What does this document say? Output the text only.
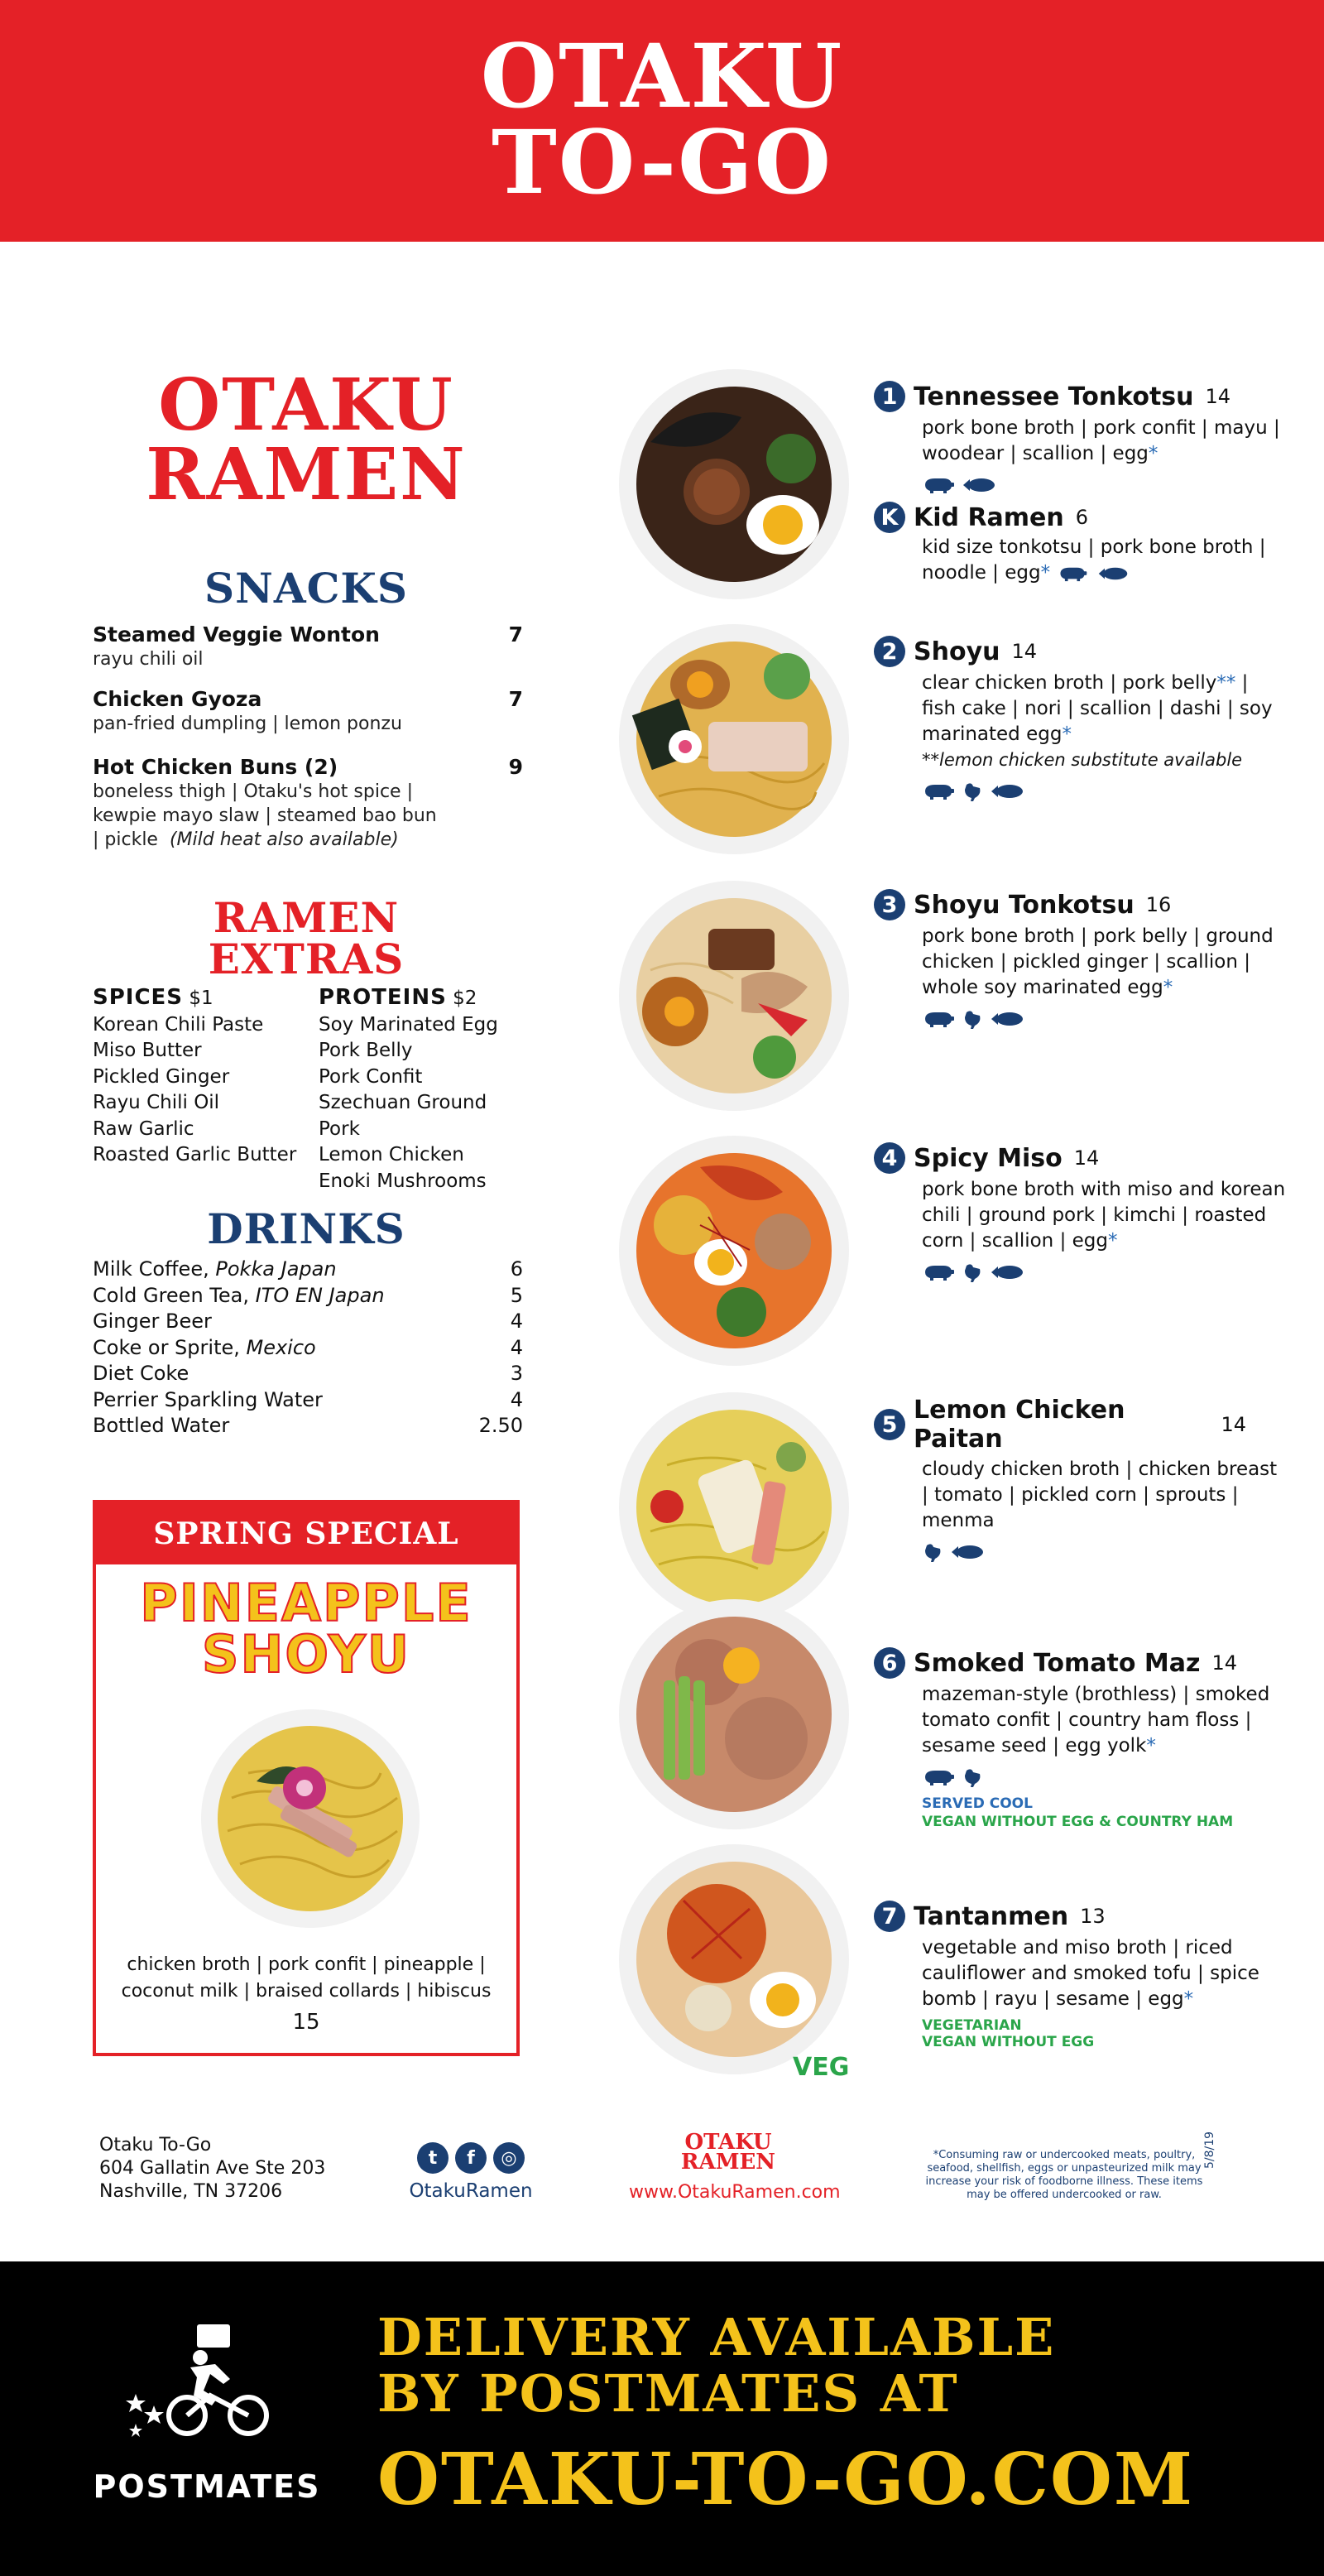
OTAKU
TO-GO
OTAKU
RAMEN
SNACKS
Steamed Veggie Wonton	7
rayu chili oil
Chicken Gyoza	7
pan-fried dumpling | lemon ponzu
Hot Chicken Buns (2)	9
boneless thigh | Otaku's hot spice | kewpie mayo slaw | steamed bao bun | pickle (Mild heat also available)
RAMEN
EXTRAS
SPICES $1
Korean Chili Paste
Miso Butter
Pickled Ginger
Rayu Chili Oil
Raw Garlic
Roasted Garlic Butter
PROTEINS $2
Soy Marinated Egg
Pork Belly
Pork Confit
Szechuan Ground Pork
Lemon Chicken
Enoki Mushrooms
DRINKS
Milk Coffee, Pokka Japan	6
Cold Green Tea, ITO EN Japan	5
Ginger Beer	4
Coke or Sprite, Mexico	4
Diet Coke	3
Perrier Sparkling Water	4
Bottled Water	2.50
SPRING SPECIAL
PINEAPPLE
SHOYU
chicken broth | pork confit | pineapple | coconut milk | braised collards | hibiscus
15
VEG
1 Tennessee Tonkotsu 14
pork bone broth | pork confit | mayu | woodear | scallion | egg*
K Kid Ramen 6
kid size tonkotsu | pork bone broth | noodle | egg*
2 Shoyu 14
clear chicken broth | pork belly** | fish cake | nori | scallion | dashi | soy marinated egg*
**lemon chicken substitute available
3 Shoyu Tonkotsu 16
pork bone broth | pork belly | ground chicken | pickled ginger | scallion | whole soy marinated egg*
4 Spicy Miso 14
pork bone broth with miso and korean chili | ground pork | kimchi | roasted corn | scallion | egg*
5 Lemon Chicken Paitan	14
cloudy chicken broth | chicken breast | tomato | pickled corn | sprouts | menma
6 Smoked Tomato Maz 14
mazeman-style (brothless) | smoked tomato confit | country ham floss | sesame seed | egg yolk*
SERVED COOL
VEGAN WITHOUT EGG & COUNTRY HAM
7 Tantanmen 13
vegetable and miso broth | riced cauliflower and smoked tofu | spice bomb | rayu | sesame | egg*
VEGETARIAN
VEGAN WITHOUT EGG
Otaku To-Go
604 Gallatin Ave Ste 203
Nashville, TN 37206
t	f	◎
OtakuRamen
OTAKU
RAMEN
www.OtakuRamen.com
*Consuming raw or undercooked meats, poultry, seafood, shellfish, eggs or unpasteurized milk may increase your risk of foodborne illness. These items may be offered undercooked or raw.
5/8/19
POSTMATES
DELIVERY AVAILABLE
BY POSTMATES AT
OTAKU-TO-GO.COM
